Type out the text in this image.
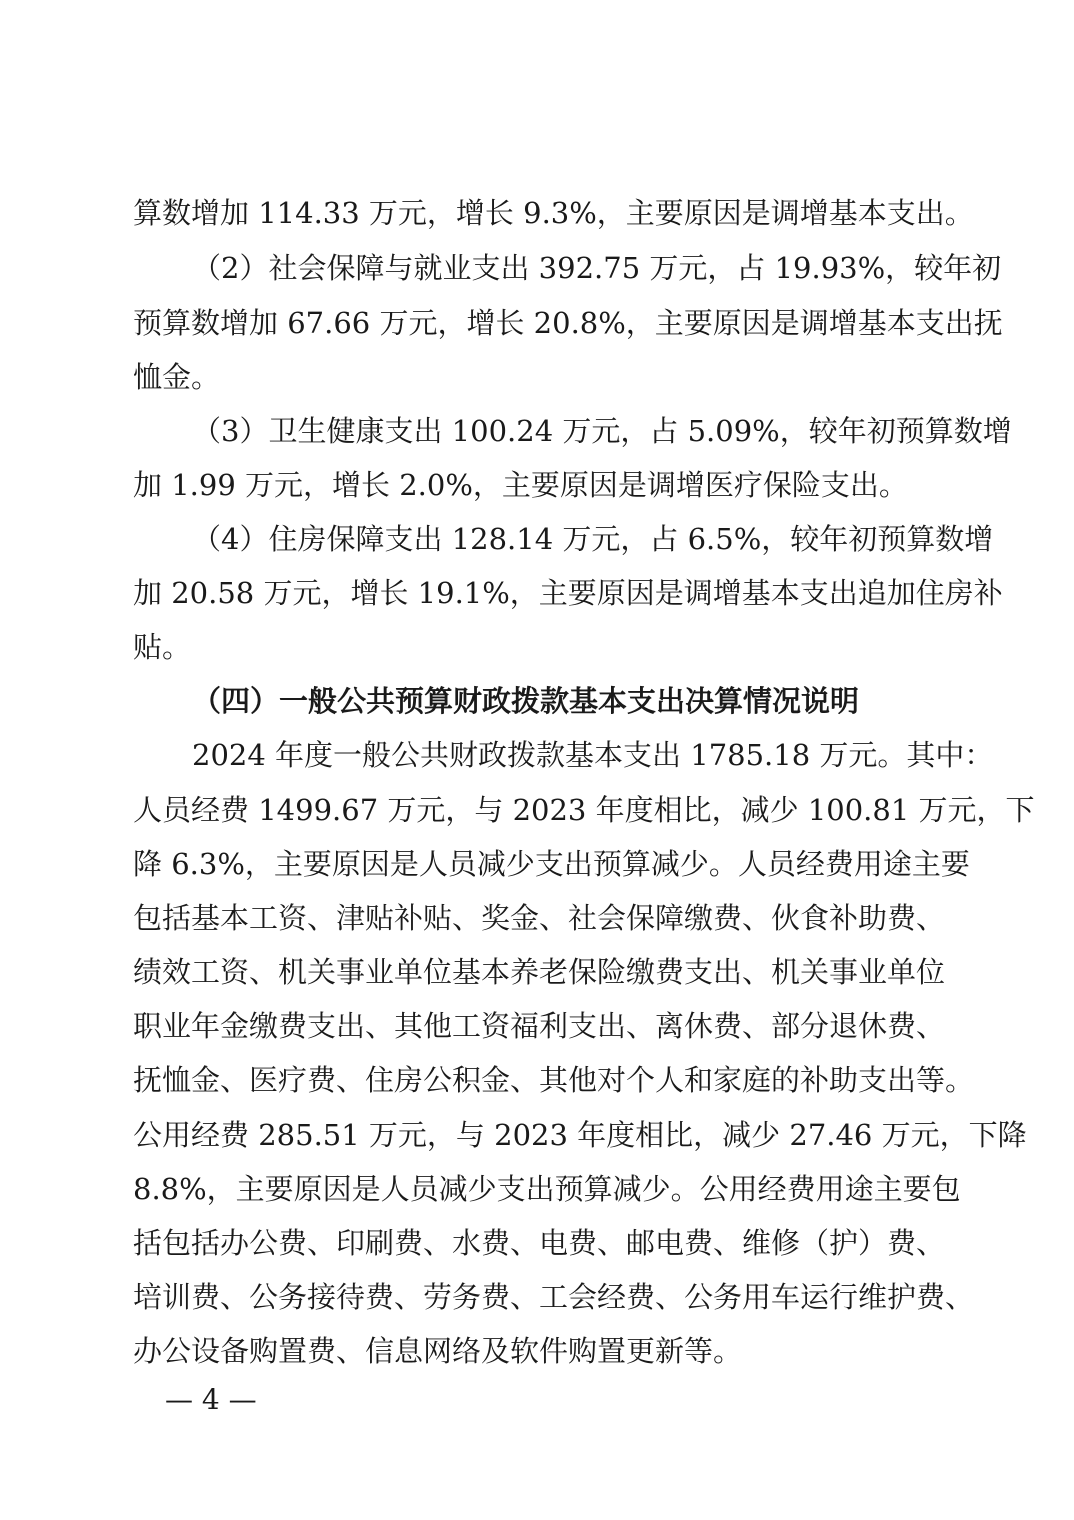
算数增加 114.33 万元，增长 9.3%，主要原因是调增基本支出。
（2）社会保障与就业支出 392.75 万元，占 19.93%，较年初
预算数增加 67.66 万元，增长 20.8%，主要原因是调增基本支出抚
恤金。
（3）卫生健康支出 100.24 万元，占 5.09%，较年初预算数增
加 1.99 万元，增长 2.0%，主要原因是调增医疗保险支出。
（4）住房保障支出 128.14 万元，占 6.5%，较年初预算数增
加 20.58 万元，增长 19.1%，主要原因是调增基本支出追加住房补
贴。
（四）一般公共预算财政拨款基本支出决算情况说明
2024 年度一般公共财政拨款基本支出 1785.18 万元。其中：
人员经费 1499.67 万元，与 2023 年度相比，减少 100.81 万元，下
降 6.3%，主要原因是人员减少支出预算减少。人员经费用途主要
包括基本工资、津贴补贴、奖金、社会保障缴费、伙食补助费、
绩效工资、机关事业单位基本养老保险缴费支出、机关事业单位
职业年金缴费支出、其他工资福利支出、离休费、部分退休费、
抚恤金、医疗费、住房公积金、其他对个人和家庭的补助支出等。
公用经费 285.51 万元，与 2023 年度相比，减少 27.46 万元，下降
8.8%，主要原因是人员减少支出预算减少。公用经费用途主要包
括包括办公费、印刷费、水费、电费、邮电费、维修（护）费、
培训费、公务接待费、劳务费、工会经费、公务用车运行维护费、
办公设备购置费、信息网络及软件购置更新等。
— 4 —
